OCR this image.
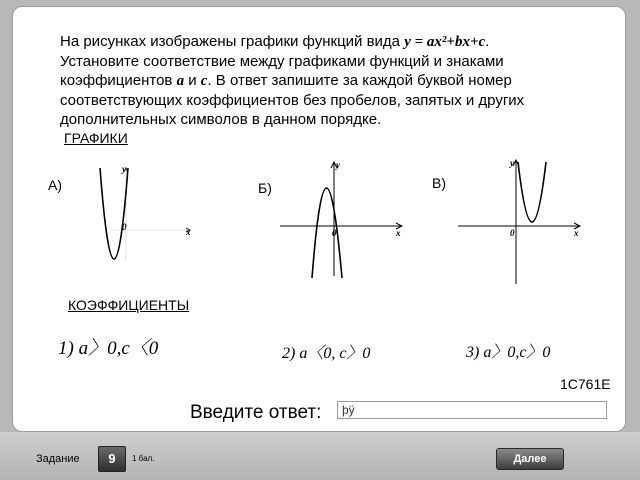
На рисунках изображены графики функций вида y = ax²+bx+c. Установите соответствие между графиками функций и знаками коэффициентов a и c. В ответ запишите за каждой буквой номер соответствующих коэффициентов без пробелов, запятых и других дополнительных символов в данном порядке.
ГРАФИКИ
А)
y
x
0
Б)
y
x
0
В)
y
x
0
КОЭФФИЦИЕНТЫ
1) a〉0,c〈0	2) a〈0, c〉0	3) a〉0,c〉0
1C761E
Введите ответ:	þÿ
Задание	9	1 бал.	Далее
